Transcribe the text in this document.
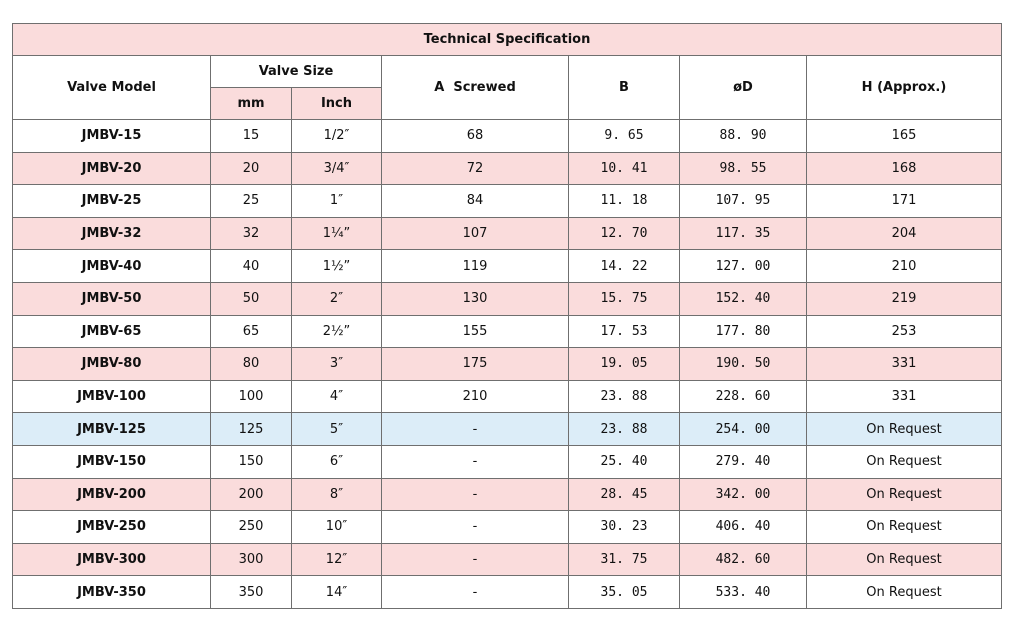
Technical Specification						
Valve Model	Valve Size		A  Screwed	B	øD	H (Approx.)
	mm	Inch				
JMBV-15	15	1/2″	68	9. 65	88. 90	165
JMBV-20	20	3/4″	72	10. 41	98. 55	168
JMBV-25	25	1″	84	11. 18	107. 95	171
JMBV-32	32	1¼”	107	12. 70	117. 35	204
JMBV-40	40	1½”	119	14. 22	127. 00	210
JMBV-50	50	2″	130	15. 75	152. 40	219
JMBV-65	65	2½”	155	17. 53	177. 80	253
JMBV-80	80	3″	175	19. 05	190. 50	331
JMBV-100	100	4″	210	23. 88	228. 60	331
JMBV-125	125	5″	-	23. 88	254. 00	On Request
JMBV-150	150	6″	-	25. 40	279. 40	On Request
JMBV-200	200	8″	-	28. 45	342. 00	On Request
JMBV-250	250	10″	-	30. 23	406. 40	On Request
JMBV-300	300	12″	-	31. 75	482. 60	On Request
JMBV-350	350	14″	-	35. 05	533. 40	On Request
